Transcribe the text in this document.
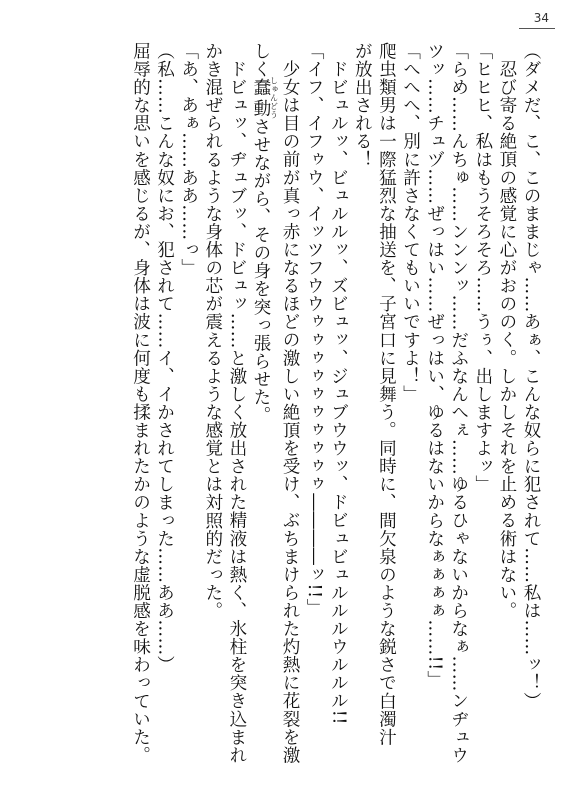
34

（ダメだ、こ、このままじゃ……あぁ、こんな奴らに犯されて……私は……ッ！）

忍び寄る絶頂の感覚に心がおののく。しかしそれを止める術はない。

「ヒヒヒ、私はもうそろそろ……うぅ、出しますよッ」

「らめ……んちゅ……ンンンッ……だふなんへぇ……ゆるひゃないからなぁ……ンヂュウ

ツッ……チュヅ……ぜっはい……ぜっはい、ゆるはないからなぁぁぁぁ……!!」

「へへへ、別に許さなくてもいいですよ！」

爬虫類男は一際猛烈な抽送を、子宮口に見舞う。同時に、間欠泉のような鋭さで白濁汁

が放出される！

ドビュルッ、ビュルルッ、ズビュッ、ジュブウウッ、ドビュビュルルルウルルル!!

「イフ、イフゥウ、イッツフウウゥゥゥゥゥゥゥゥゥゥ――――ッ!!」

少女は目の前が真っ赤になるほどの激しい絶頂を受け、ぶちまけられた灼熱に花裂を激

しく蠢動しゅんどうさせながら、その身を突っ張らせた。

ドビュッ、ヂュブッ、ドビュッ……と激しく放出された精液は熱く、氷柱を突き込まれ

かき混ぜられるような身体の芯が震えるような感覚とは対照的だった。

「あ、あぁ……ああ……っ」

（私……こんな奴にお、犯されて……イ、イかされてしまった……ああ……）

屈辱的な思いを感じるが、身体は波に何度も揉まれたかのような虚脱感を味わっていた。
